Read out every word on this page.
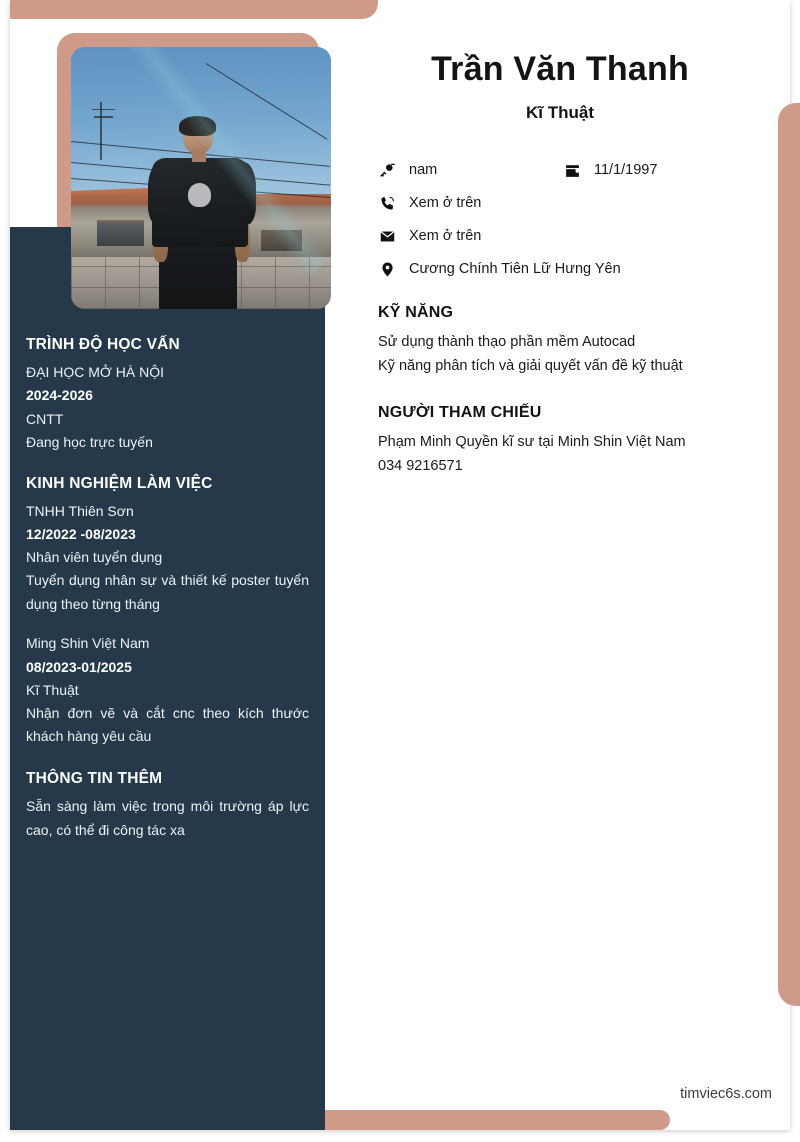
TRÌNH ĐỘ HỌC VẤN
ĐẠI HỌC MỞ HÀ NỘI
2024-2026
CNTT
Đang học trực tuyến
KINH NGHIỆM LÀM VIỆC
TNHH Thiên Sơn
12/2022 -08/2023
Nhân viên tuyển dụng
Tuyển dụng nhân sự và thiết kế poster tuyển dụng theo từng tháng
Ming Shin Việt Nam
08/2023-01/2025
Kĩ Thuật
Nhận đơn vẽ và cắt cnc theo kích thước khách hàng yêu cầu
THÔNG TIN THÊM
Sẵn sàng làm việc trong môi trường áp lực cao, có thể đi công tác xa
Trần Văn Thanh
Kĩ Thuật
nam	11/1/1997
Xem ở trên
Xem ở trên
Cương Chính Tiên Lữ Hưng Yên
KỸ NĂNG
Sử dụng thành thạo phần mềm Autocad
Kỹ năng phân tích và giải quyết vấn đề kỹ thuật
NGƯỜI THAM CHIẾU
Phạm Minh Quyền kĩ sư tại Minh Shin Việt Nam
034 9216571
timviec6s.com
